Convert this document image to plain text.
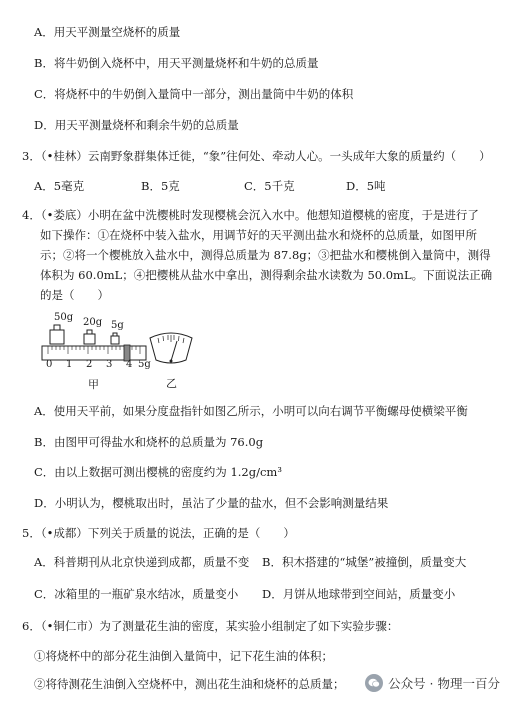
A．用天平测量空烧杯的质量
B．将牛奶倒入烧杯中，用天平测量烧杯和牛奶的总质量
C．将烧杯中的牛奶倒入量筒中一部分，测出量筒中牛奶的体积
D．用天平测量烧杯和剩余牛奶的总质量
3．（•桂林）云南野象群集体迁徙，“象”往何处、牵动人心。一头成年大象的质量约（　　）
A．5毫克	B．5克	C．5千克	D．5吨
4．（•娄底）小明在盆中洗樱桃时发现樱桃会沉入水中。他想知道樱桃的密度，于是进行了
如下操作：①在烧杯中装入盐水，用调节好的天平测出盐水和烧杯的总质量，如图甲所
示；②将一个樱桃放入盐水中，测得总质量为 87.8g；③把盐水和樱桃倒入量筒中，测得
体积为 60.0mL；④把樱桃从盐水中拿出，测得剩余盐水读数为 50.0mL。下面说法正确
的是（　　）
50g 20g 5g
0 1 2 3 4 5g
甲	乙
A．使用天平前，如果分度盘指针如图乙所示，小明可以向右调节平衡螺母使横梁平衡
B．由图甲可得盐水和烧杯的总质量为 76.0g
C．由以上数据可测出樱桃的密度约为 1.2g/cm³
D．小明认为，樱桃取出时，虽沾了少量的盐水，但不会影响测量结果
5．（•成都）下列关于质量的说法，正确的是（　　）
A．科普期刊从北京快递到成都，质量不变 B．积木搭建的“城堡”被撞倒，质量变大
C．冰箱里的一瓶矿泉水结冰，质量变小 D．月饼从地球带到空间站，质量变小
6．（•铜仁市）为了测量花生油的密度，某实验小组制定了如下实验步骤：
①将烧杯中的部分花生油倒入量筒中，记下花生油的体积；
②将待测花生油倒入空烧杯中，测出花生油和烧杯的总质量；	公众号 · 物理一百分
